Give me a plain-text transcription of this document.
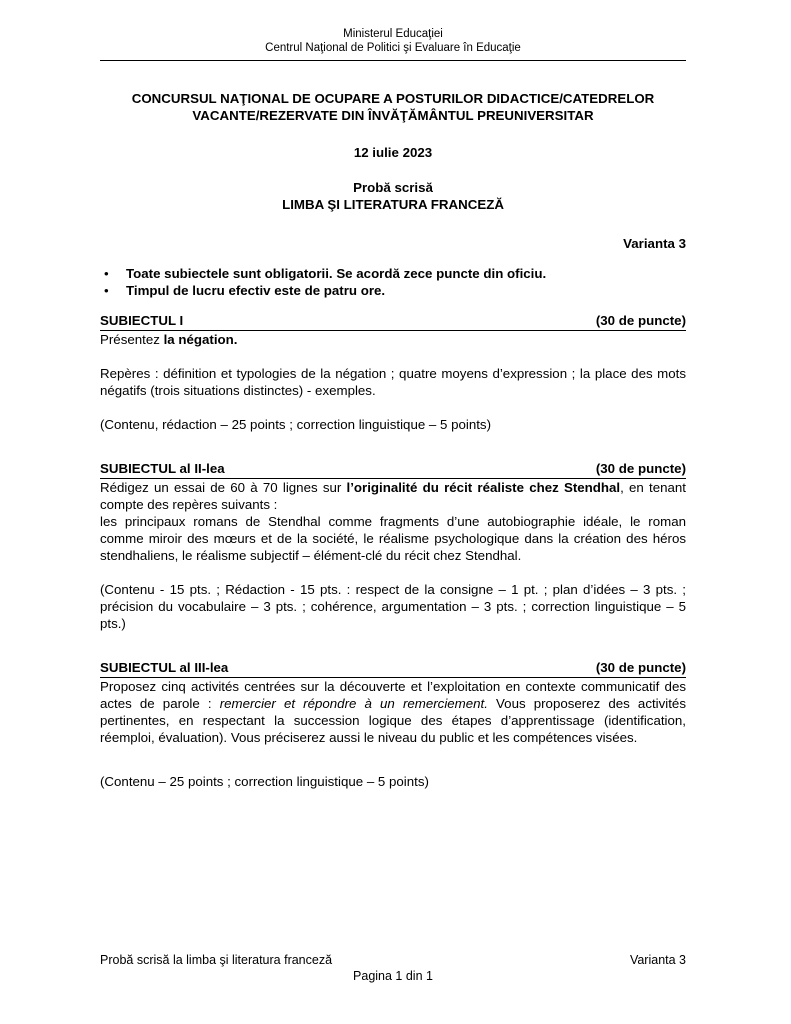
Ministerul Educaţiei
Centrul Naţional de Politici şi Evaluare în Educaţie
CONCURSUL NAŢIONAL DE OCUPARE A POSTURILOR DIDACTICE/CATEDRELOR
VACANTE/REZERVATE DIN ÎNVĂŢĂMÂNTUL PREUNIVERSITAR
12 iulie 2023
Probă scrisă
LIMBA ŞI LITERATURA FRANCEZĂ
Varianta 3
•	Toate subiectele sunt obligatorii. Se acordă zece puncte din oficiu.
•	Timpul de lucru efectiv este de patru ore.
SUBIECTUL I	(30 de puncte)

Présentez la négation.

Repères : définition et typologies de la négation ; quatre moyens d’expression ; la place des mots négatifs (trois situations distinctes) - exemples.

(Contenu, rédaction – 25 points ; correction linguistique – 5 points)

SUBIECTUL al II-lea	(30 de puncte)

Rédigez un essai de 60 à 70 lignes sur l’originalité du récit réaliste chez Stendhal, en tenant compte des repères suivants :

les principaux romans de Stendhal comme fragments d’une autobiographie idéale, le roman comme miroir des mœurs et de la société, le réalisme psychologique dans la création des héros stendhaliens, le réalisme subjectif – élément-clé du récit chez Stendhal.

(Contenu - 15 pts. ; Rédaction - 15 pts. : respect de la consigne – 1 pt. ; plan d’idées – 3 pts. ; précision du vocabulaire – 3 pts. ; cohérence, argumentation – 3 pts. ; correction linguistique – 5 pts.)

SUBIECTUL al III-lea	(30 de puncte)

Proposez cinq activités centrées sur la découverte et l’exploitation en contexte communicatif des actes de parole : remercier et répondre à un remerciement. Vous proposerez des activités pertinentes, en respectant la succession logique des étapes d’apprentissage (identification, réemploi, évaluation). Vous préciserez aussi le niveau du public et les compétences visées.

(Contenu – 25 points ; correction linguistique – 5 points)

Probă scrisă la limba şi literatura franceză	Varianta 3
Pagina 1 din 1
